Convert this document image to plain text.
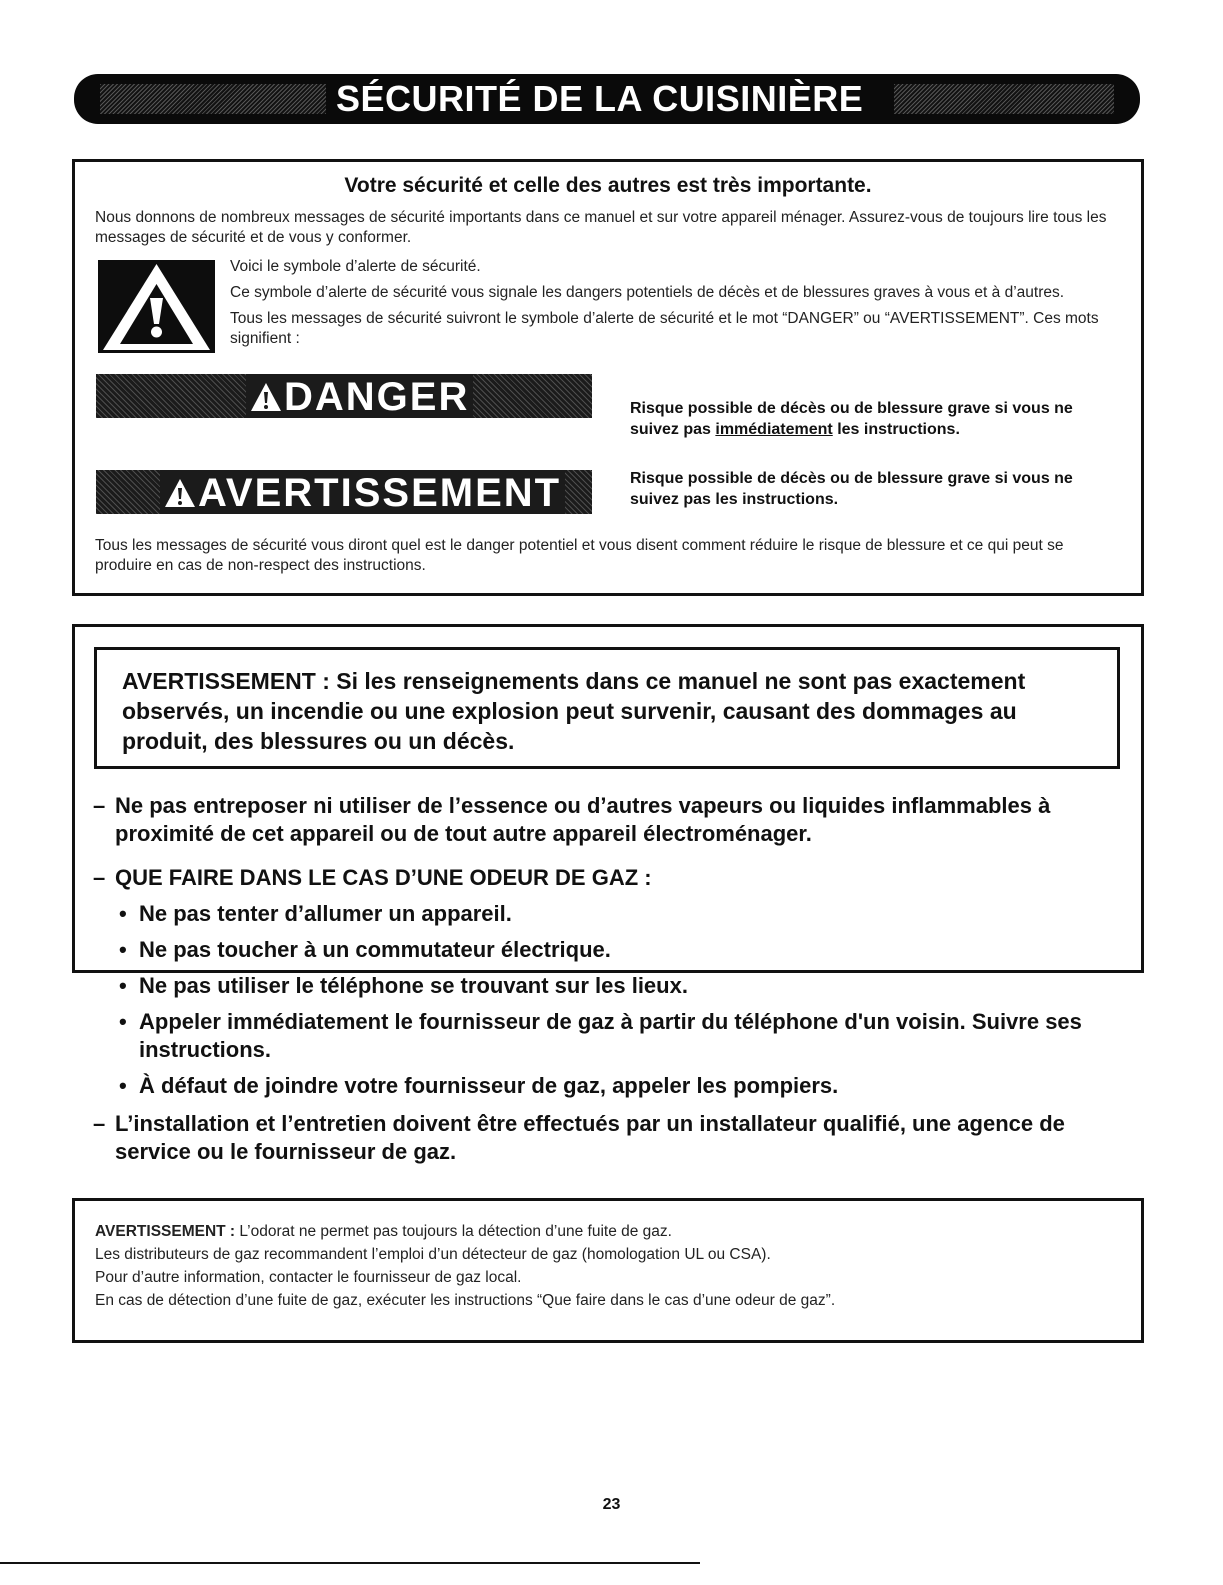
SÉCURITÉ DE LA CUISINIÈRE
Votre sécurité et celle des autres est très importante.
Nous donnons de nombreux messages de sécurité importants dans ce manuel et sur votre appareil ménager. Assurez-vous de toujours lire tous les messages de sécurité et de vous y conformer.

Voici le symbole d’alerte de sécurité.

Ce symbole d’alerte de sécurité vous signale les dangers potentiels de décès et de blessures graves à vous et à d’autres.

Tous les messages de sécurité suivront le symbole d’alerte de sécurité et le mot “DANGER” ou “AVERTISSEMENT”. Ces mots signifient :

DANGER	Risque possible de décès ou de blessure grave si vous ne suivez pas immédiatement les instructions.
AVERTISSEMENT	Risque possible de décès ou de blessure grave si vous ne suivez pas les instructions.
Tous les messages de sécurité vous diront quel est le danger potentiel et vous disent comment réduire le risque de blessure et ce qui peut se produire en cas de non-respect des instructions.
AVERTISSEMENT : Si les renseignements dans ce manuel ne sont pas exactement observés, un incendie ou une explosion peut survenir, causant des dommages au produit, des blessures ou un décès.
– Ne pas entreposer ni utiliser de l’essence ou d’autres vapeurs ou liquides inflammables à proximité de cet appareil ou de tout autre appareil électroménager.
– QUE FAIRE DANS LE CAS D’UNE ODEUR DE GAZ :
• Ne pas tenter d’allumer un appareil.
• Ne pas toucher à un commutateur électrique.
• Ne pas utiliser le téléphone se trouvant sur les lieux.
• Appeler immédiatement le fournisseur de gaz à partir du téléphone d'un voisin. Suivre ses instructions.
• À défaut de joindre votre fournisseur de gaz, appeler les pompiers.
– L’installation et l’entretien doivent être effectués par un installateur qualifié, une agence de service ou le fournisseur de gaz.

AVERTISSEMENT : L’odorat ne permet pas toujours la détection d’une fuite de gaz.

Les distributeurs de gaz recommandent l’emploi d’un détecteur de gaz (homologation UL ou CSA).

Pour d’autre information, contacter le fournisseur de gaz local.

En cas de détection d’une fuite de gaz, exécuter les instructions “Que faire dans le cas d’une odeur de gaz”.

23
